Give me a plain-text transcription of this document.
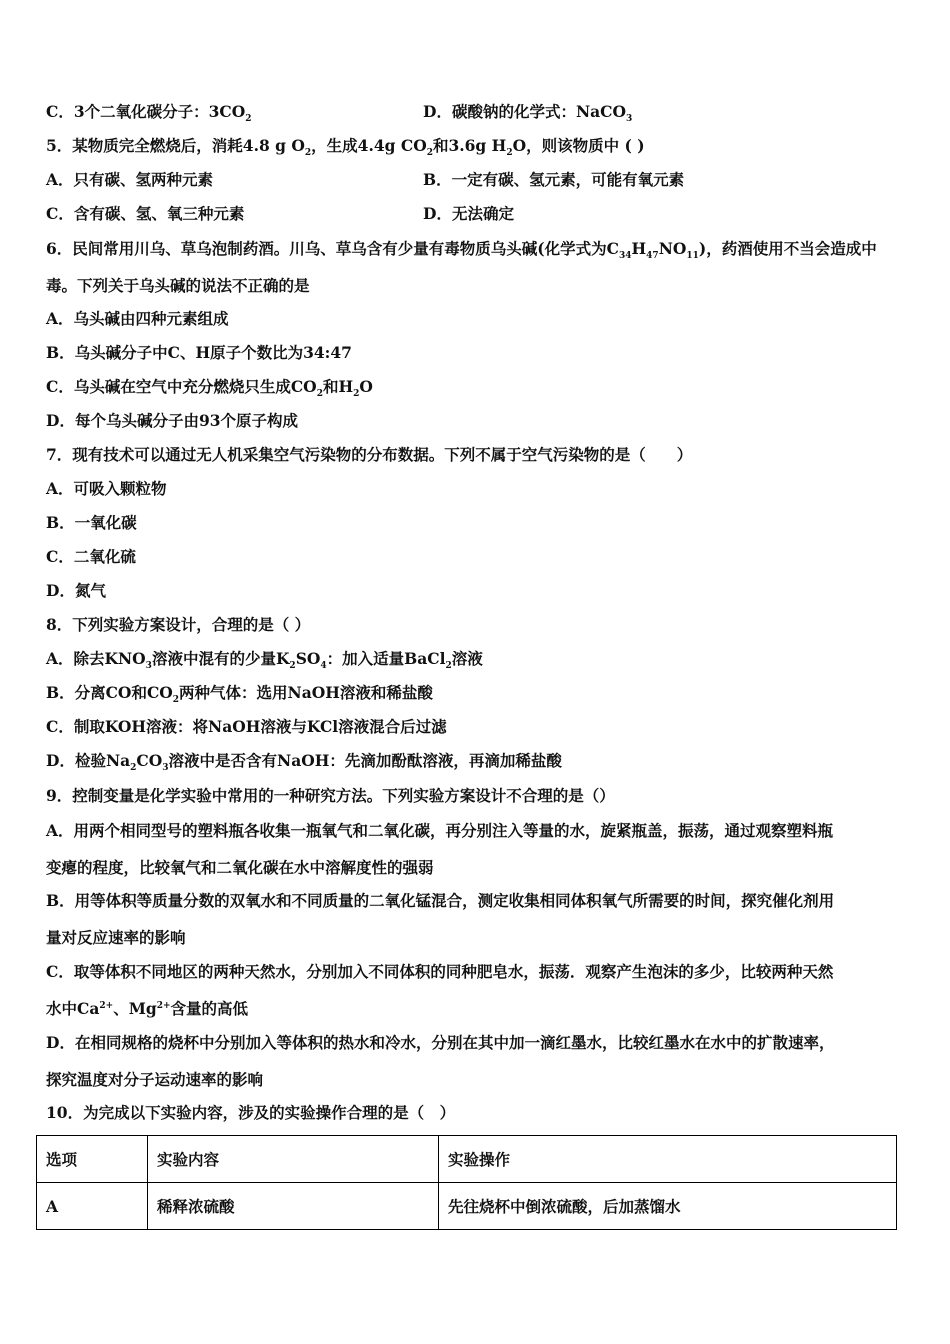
C．3个二氧化碳分子：$3CO_2$	D．碳酸钠的化学式：NaCO$_3$
5．某物质完全燃烧后，消耗4.8 g $O_2$，生成4.4g $CO_2$和3.6g $H_2O$，则该物质中 ( )
A．只有碳、氢两种元素	B．一定有碳、氢元素，可能有氧元素
C．含有碳、氢、氧三种元素	D．无法确定
6．民间常用川乌、草乌泡制药酒。川乌、草乌含有少量有毒物质乌头碱(化学式为$C_{34}H_{47}NO_{11}$)，药酒使用不当会造成中
毒。下列关于乌头碱的说法不正确的是
A．乌头碱由四种元素组成
B．乌头碱分子中C、H原子个数比为34:47
C．乌头碱在空气中充分燃烧只生成$CO_2$和$H_2O$
D．每个乌头碱分子由93个原子构成
7．现有技术可以通过无人机采集空气污染物的分布数据。下列不属于空气污染物的是（　　）
A．可吸入颗粒物
B．一氧化碳
C．二氧化硫
D．氮气
8．下列实验方案设计，合理的是（ ）
A．除去$KNO_3$溶液中混有的少量$K_2SO_4$：加入适量BaCl$_2$溶液
B．分离CO和$CO_2$两种气体：选用NaOH溶液和稀盐酸
C．制取KOH溶液：将NaOH溶液与KCl溶液混合后过滤
D．检验$Na_2CO_3$溶液中是否含有NaOH：先滴加酚酞溶液，再滴加稀盐酸
9．控制变量是化学实验中常用的一种研究方法。下列实验方案设计不合理的是（）
A．用两个相同型号的塑料瓶各收集一瓶氧气和二氧化碳，再分别注入等量的水，旋紧瓶盖，振荡，通过观察塑料瓶
变瘪的程度，比较氧气和二氧化碳在水中溶解度性的强弱
B．用等体积等质量分数的双氧水和不同质量的二氧化锰混合，测定收集相同体积氧气所需要的时间，探究催化剂用
量对反应速率的影响
C．取等体积不同地区的两种天然水，分别加入不同体积的同种肥皂水，振荡．观察产生泡沫的多少，比较两种天然
水中$Ca^{2+}$、$Mg^{2+}$含量的高低
D．在相同规格的烧杯中分别加入等体积的热水和冷水，分别在其中加一滴红墨水，比较红墨水在水中的扩散速率，
探究温度对分子运动速率的影响
10．为完成以下实验内容，涉及的实验操作合理的是（　）
选项	实验内容	实验操作
A	稀释浓硫酸	先往烧杯中倒浓硫酸，后加蒸馏水
